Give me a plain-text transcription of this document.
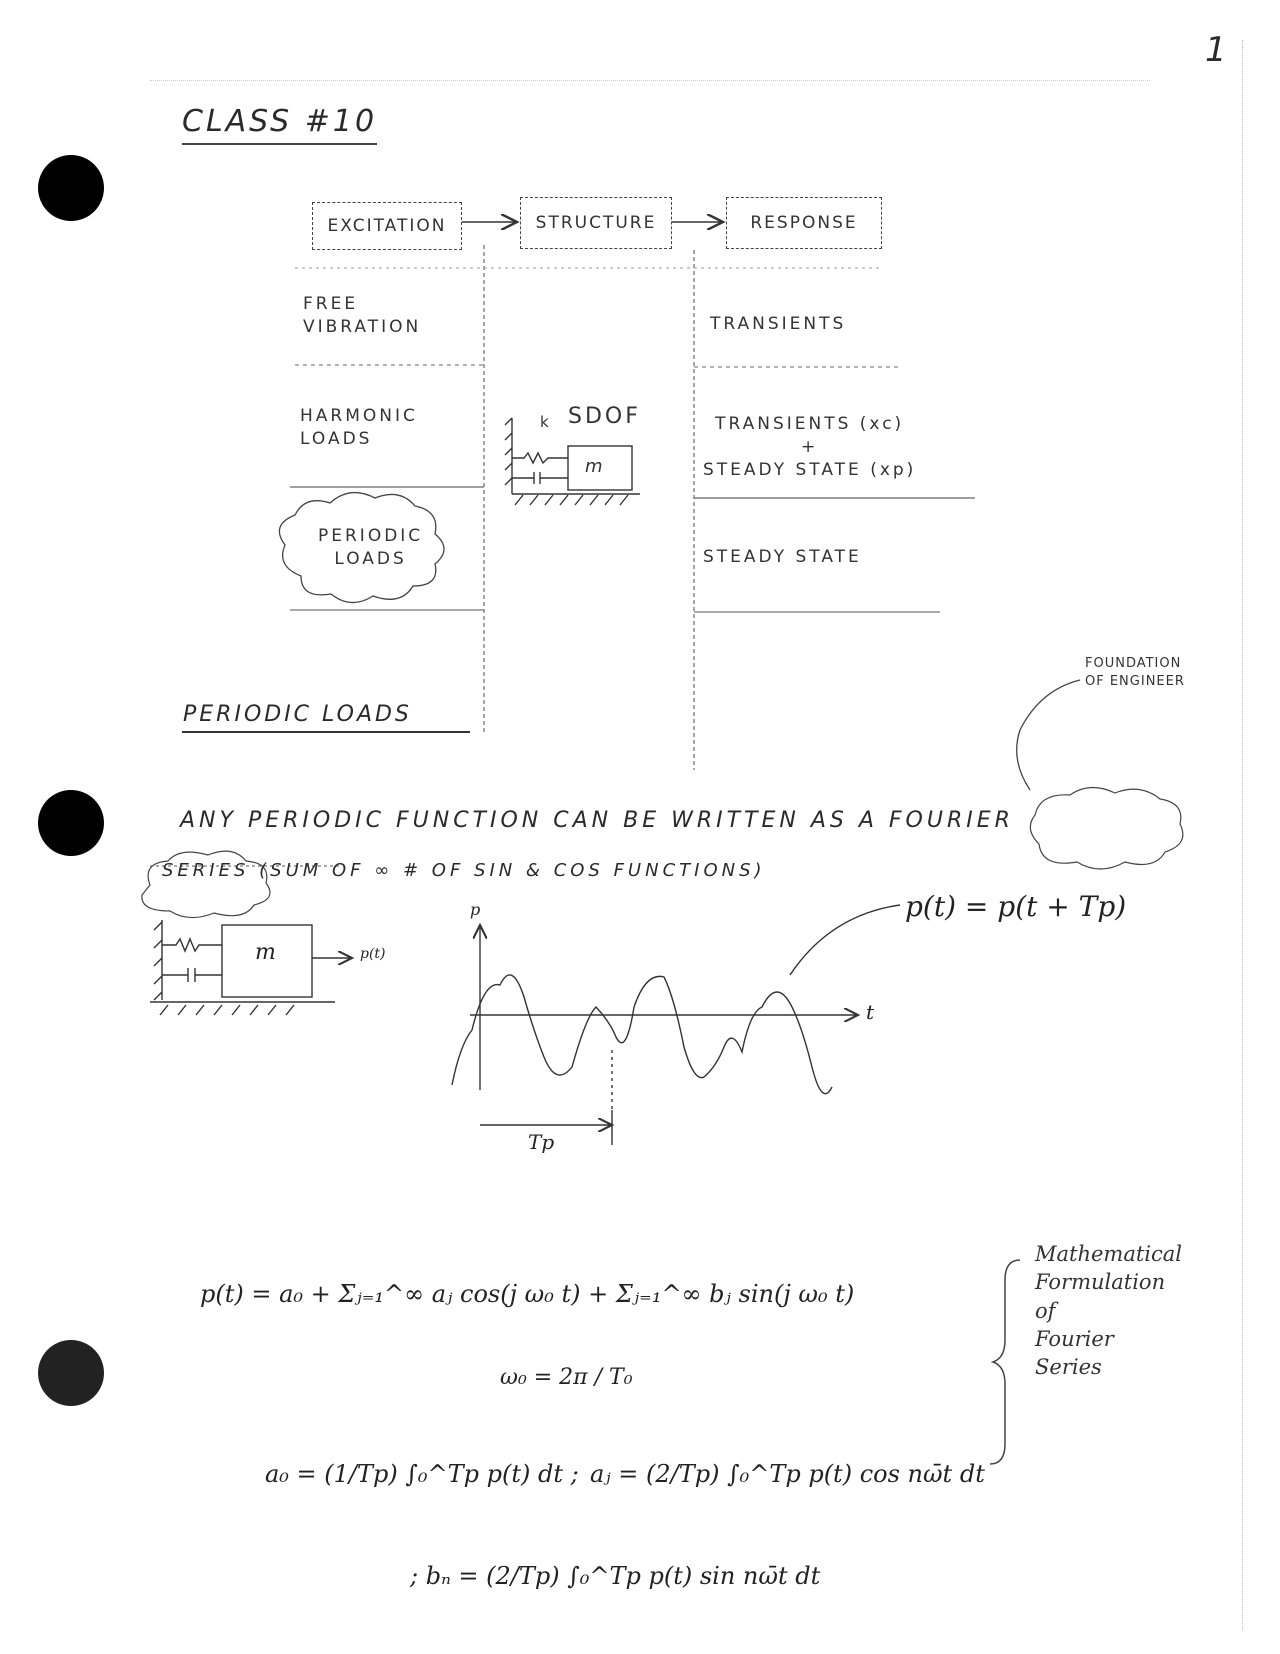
1
CLASS #10
EXCITATION	STRUCTURE	RESPONSE
FREE
VIBRATION
HARMONIC
LOADS
PERIODIC
LOADS
TRANSIENTS
TRANSIENTS (xc)
+
STEADY STATE (xp)
STEADY STATE
SDOF
k
m
FOUNDATION
OF ENGINEER
PERIODIC LOADS
ANY PERIODIC FUNCTION CAN BE WRITTEN AS A FOURIER
SERIES (SUM OF ∞ # OF SIN & COS FUNCTIONS)
m	p(t)
p
t
Tp
p(t) = p(t + Tp)
p(t) = a₀ + Σⱼ₌₁^∞ aⱼ cos(j ω₀ t) + Σⱼ₌₁^∞ bⱼ sin(j ω₀ t)
ω₀ = 2π / T₀
a₀ = (1/Tp) ∫₀^Tp p(t) dt ; aⱼ = (2/Tp) ∫₀^Tp p(t) cos nω̄t dt
; bₙ = (2/Tp) ∫₀^Tp p(t) sin nω̄t dt
Mathematical
Formulation
of
Fourier
Series
